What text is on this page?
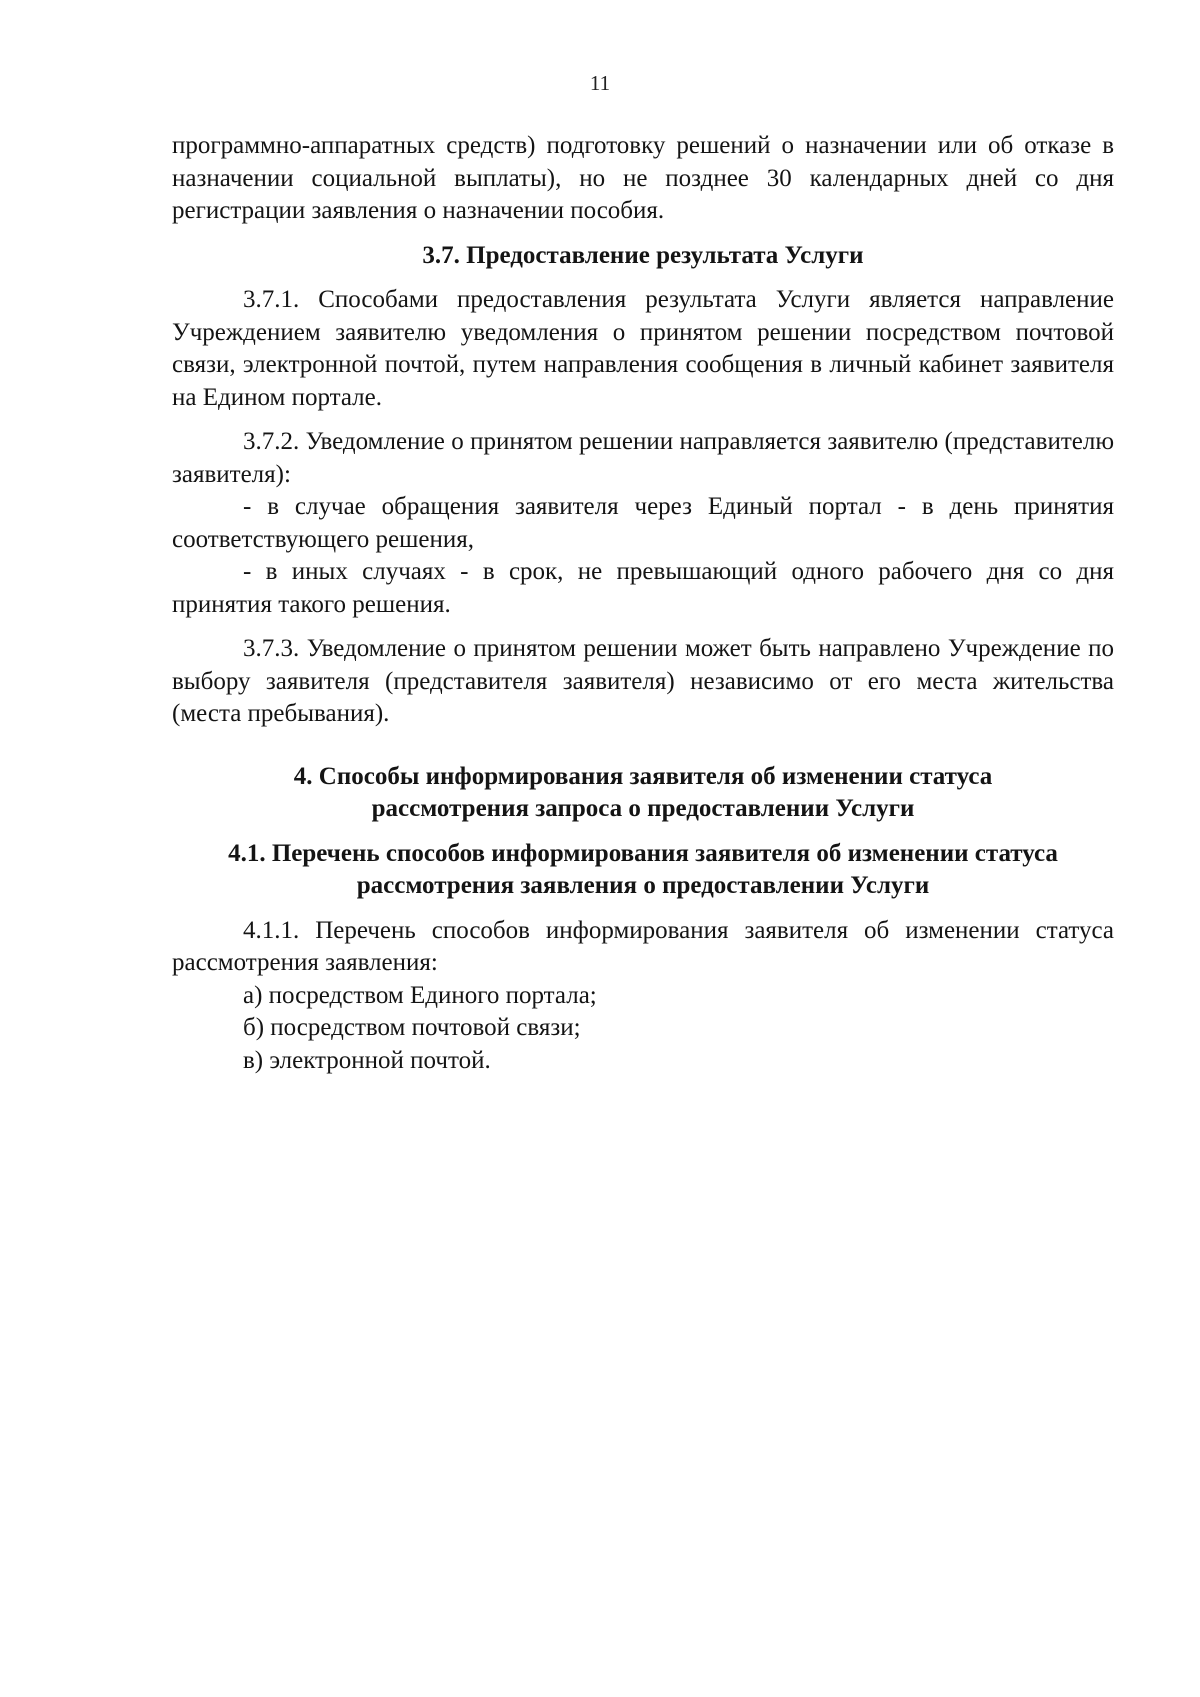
11

программно-аппаратных средств) подготовку решений о назначении или об отказе в назначении социальной выплаты), но не позднее 30 календарных дней со дня регистрации заявления о назначении пособия.

3.7. Предоставление результата Услуги

3.7.1. Способами предоставления результата Услуги является направление Учреждением заявителю уведомления о принятом решении посредством почтовой связи, электронной почтой, путем направления сообщения в личный кабинет заявителя на Едином портале.

3.7.2. Уведомление о принятом решении направляется заявителю (представителю заявителя):

- в случае обращения заявителя через Единый портал - в день принятия соответствующего решения,

- в иных случаях - в срок, не превышающий одного рабочего дня со дня принятия такого решения.

3.7.3. Уведомление о принятом решении может быть направлено Учреждение по выбору заявителя (представителя заявителя) независимо от его места жительства (места пребывания).

4. Способы информирования заявителя об изменении статуса
рассмотрения запроса о предоставлении Услуги
4.1. Перечень способов информирования заявителя об изменении статуса
рассмотрения заявления о предоставлении Услуги

4.1.1. Перечень способов информирования заявителя об изменении статуса рассмотрения заявления:

а) посредством Единого портала;

б) посредством почтовой связи;

в) электронной почтой.
